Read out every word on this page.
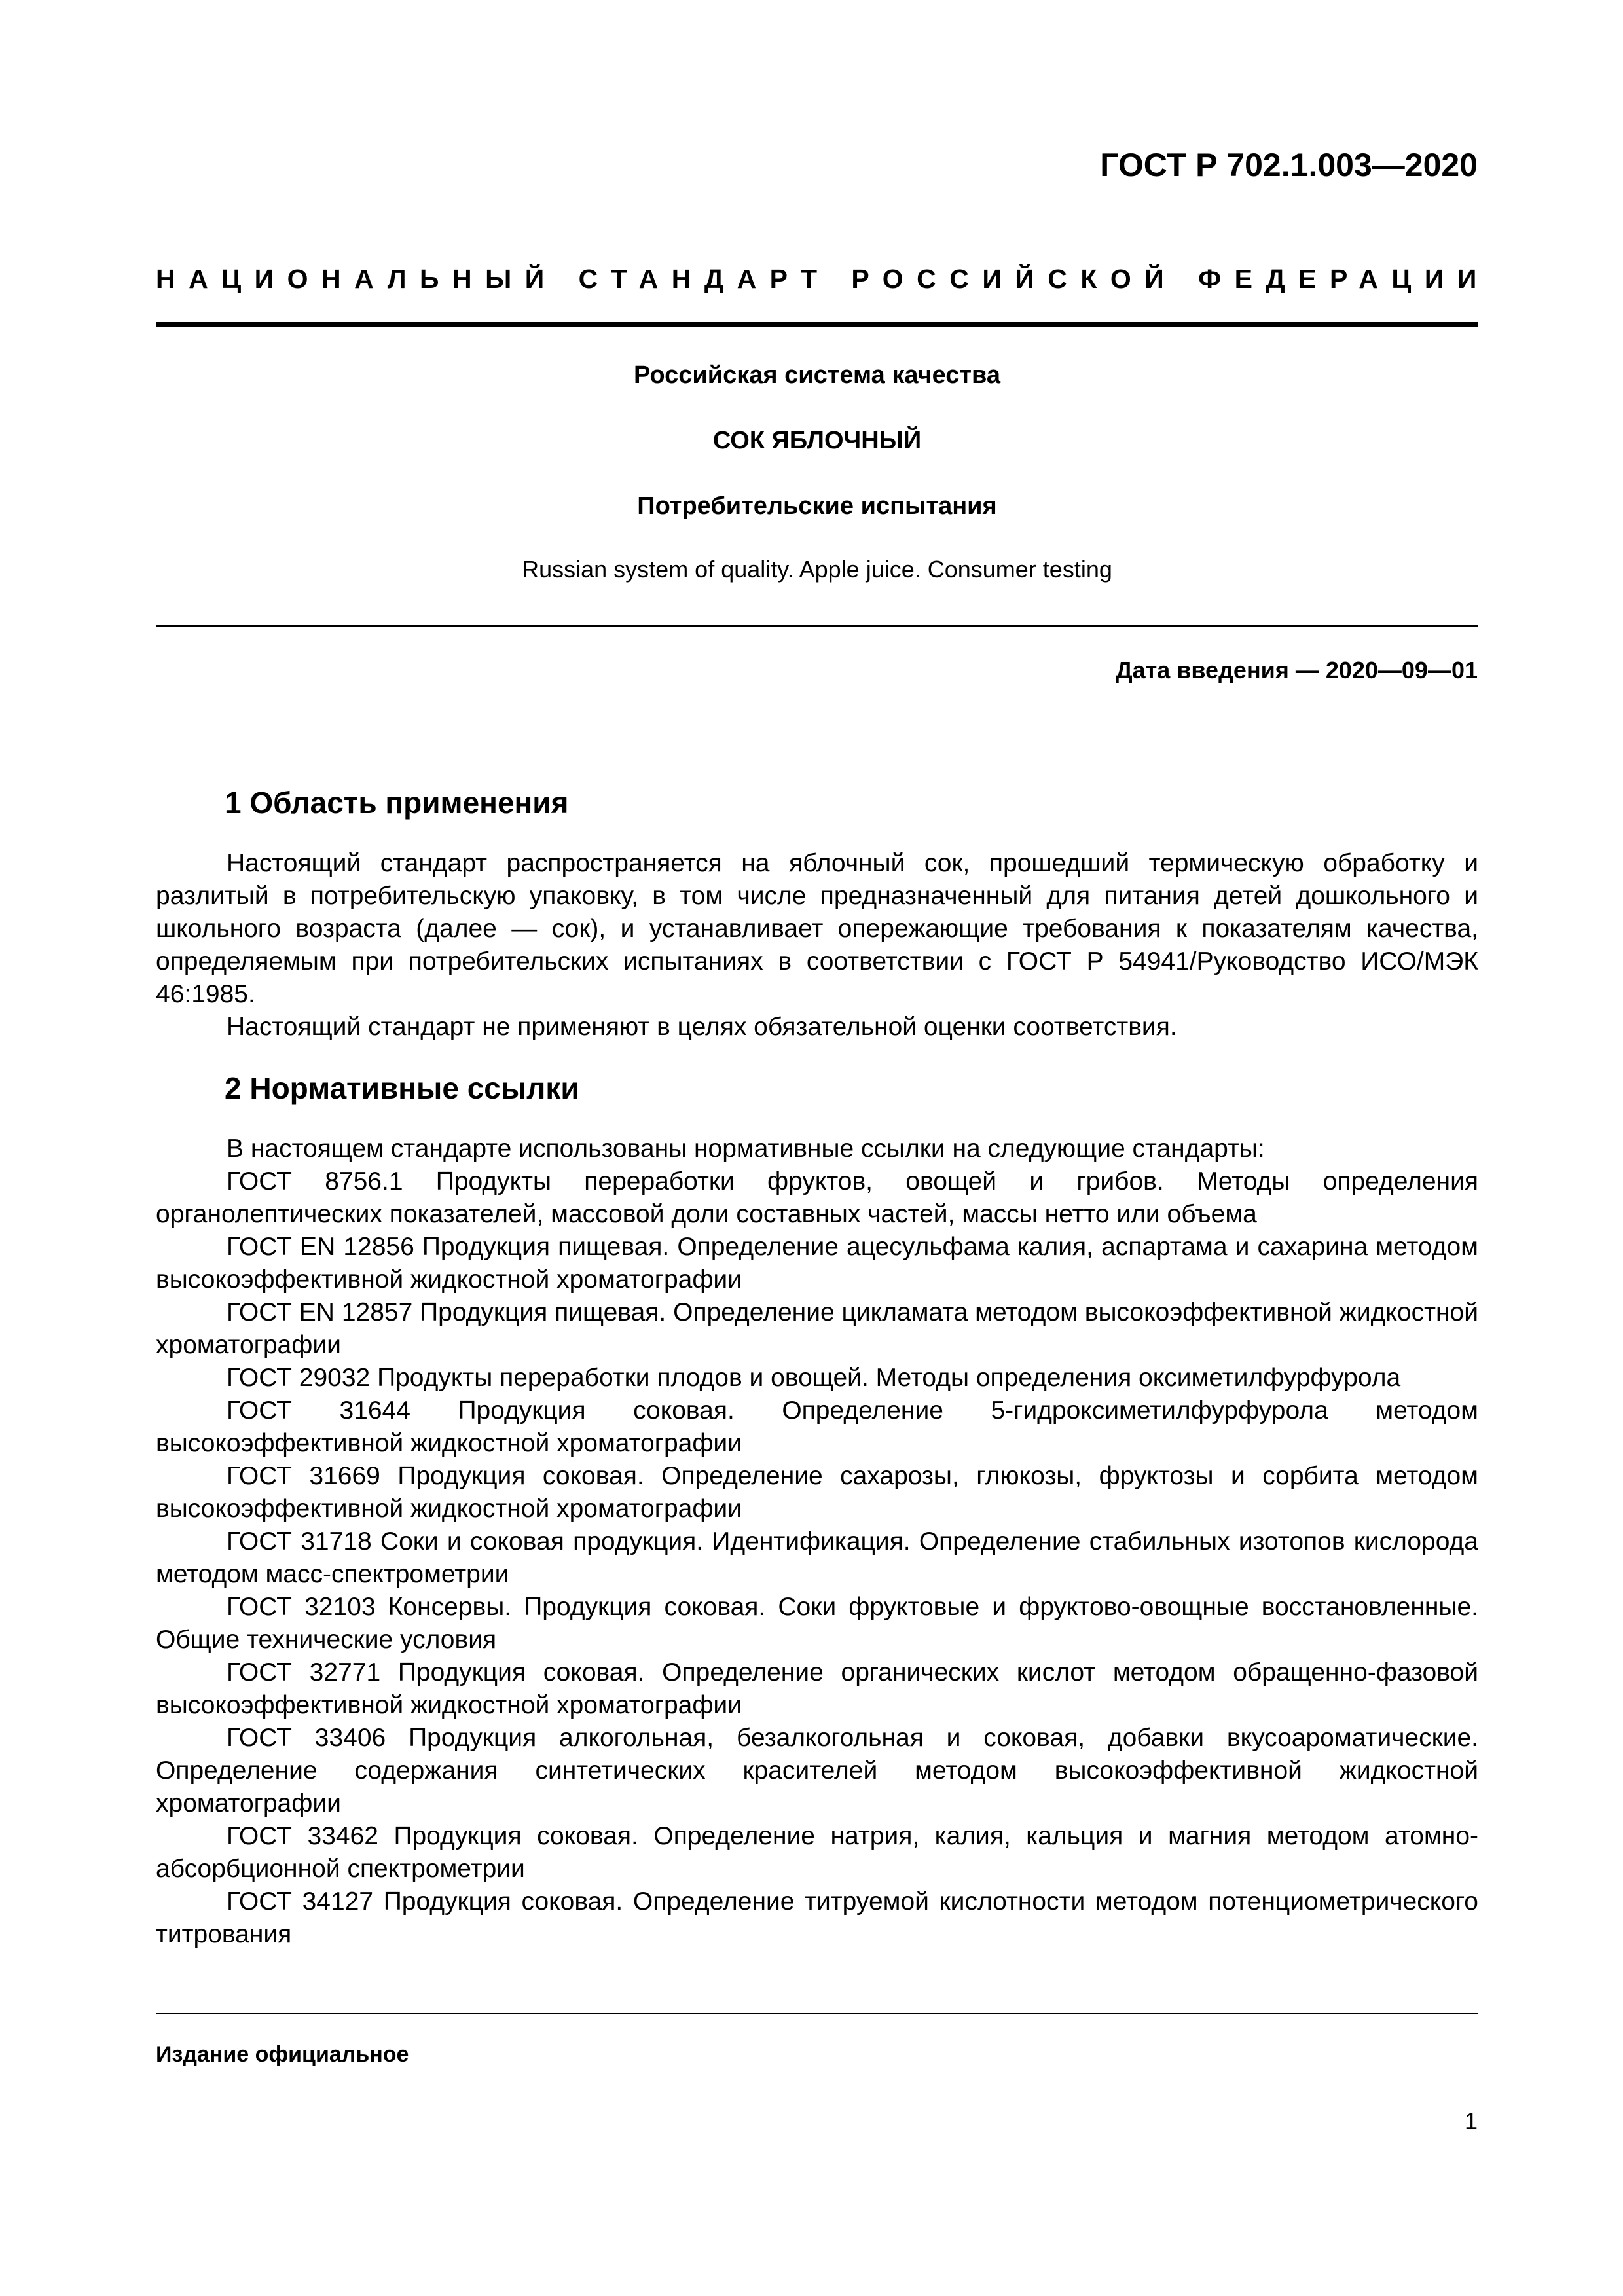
ГОСТ Р 702.1.003—2020
НАЦИОНАЛЬНЫЙ СТАНДАРТ РОССИЙСКОЙ ФЕДЕРАЦИИ
Российская система качества
СОК ЯБЛОЧНЫЙ
Потребительские испытания
Russian system of quality. Apple juice. Consumer testing
Дата введения — 2020—09—01
1 Область применения

Настоящий стандарт распространяется на яблочный сок, прошедший термическую обработку и разлитый в потребительскую упаковку, в том числе предназначенный для питания детей дошкольного и школьного возраста (далее — сок), и устанавливает опережающие требования к показателям качества, определяемым при потребительских испытаниях в соответствии с ГОСТ Р 54941/Руководство ИСО/МЭК 46:1985.

Настоящий стандарт не применяют в целях обязательной оценки соответствия.

2 Нормативные ссылки

В настоящем стандарте использованы нормативные ссылки на следующие стандарты:

ГОСТ 8756.1 Продукты переработки фруктов, овощей и грибов. Методы определения органолептических показателей, массовой доли составных частей, массы нетто или объема
ГОСТ EN 12856 Продукция пищевая. Определение ацесульфама калия, аспартама и сахарина методом высокоэффективной жидкостной хроматографии
ГОСТ EN 12857 Продукция пищевая. Определение цикламата методом высокоэффективной жидкостной хроматографии
ГОСТ 29032 Продукты переработки плодов и овощей. Методы определения оксиметилфурфурола
ГОСТ 31644 Продукция соковая. Определение 5-гидроксиметилфурфурола методом высокоэффективной жидкостной хроматографии
ГОСТ 31669 Продукция соковая. Определение сахарозы, глюкозы, фруктозы и сорбита методом высокоэффективной жидкостной хроматографии
ГОСТ 31718 Соки и соковая продукция. Идентификация. Определение стабильных изотопов кислорода методом масс-спектрометрии
ГОСТ 32103 Консервы. Продукция соковая. Соки фруктовые и фруктово-овощные восстановленные. Общие технические условия
ГОСТ 32771 Продукция соковая. Определение органических кислот методом обращенно-фазовой высокоэффективной жидкостной хроматографии
ГОСТ 33406 Продукция алкогольная, безалкогольная и соковая, добавки вкусоароматические. Определение содержания синтетических красителей методом высокоэффективной жидкостной хроматографии
ГОСТ 33462 Продукция соковая. Определение натрия, калия, кальция и магния методом атомно-абсорбционной спектрометрии
ГОСТ 34127 Продукция соковая. Определение титруемой кислотности методом потенциометрического титрования
Издание официальное
1
